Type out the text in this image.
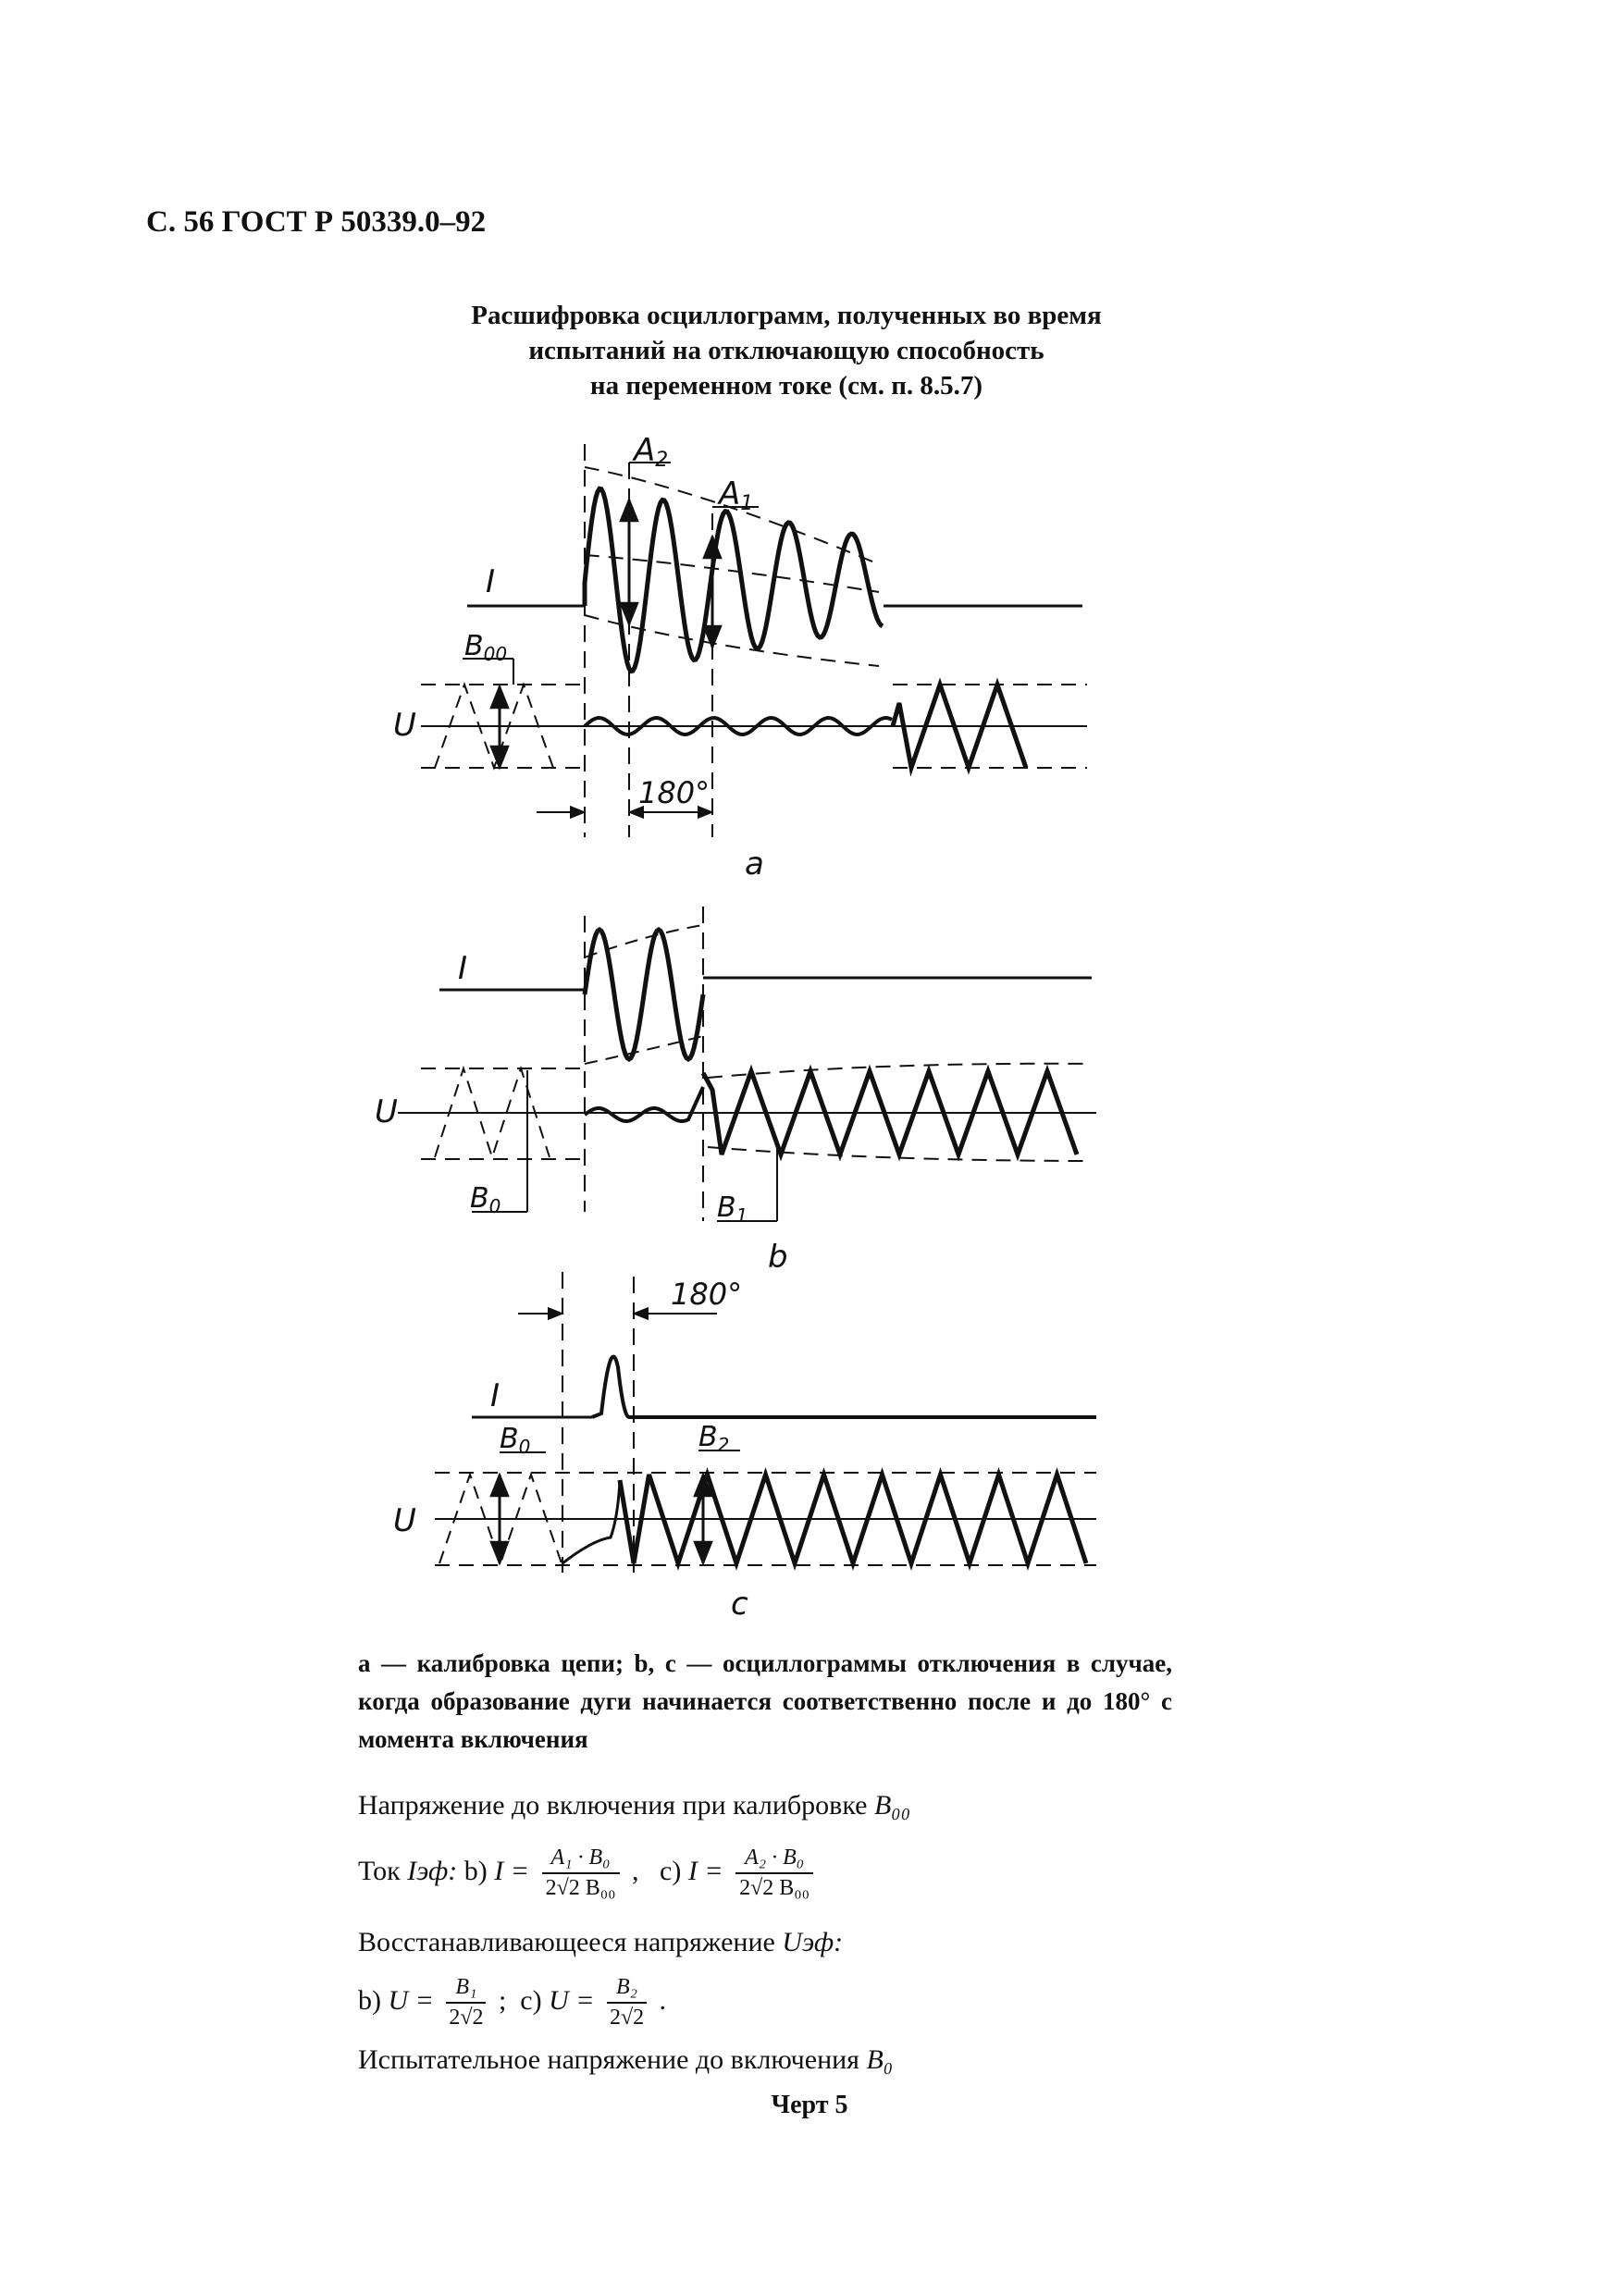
С. 56 ГОСТ Р 50339.0–92
Расшифровка осциллограмм, полученных во время
испытаний на отключающую способность
на переменном токе (см. п. 8.5.7)
I
U
A2
A1
$B_{00}$
180°
a
I
U
$B_0$	$B_1$
b
180°
I
U
$B_0$	$B_2$
c
а — калибровка цепи; b, c — осциллограммы отключения в случае, когда образование дуги начинается соответственно после и до 180° с момента включения
Напряжение до включения при калибровке B₀₀
Ток Iэф: b) $I = \frac{\text{A₁ · B₀}}{\text{2√2 B₀₀}}$ ,   c) $I = \frac{\text{A₂ · B₀}}{\text{2√2 B₀₀}}$
Восстанавливающееся напряжение Uэф:
b) $U = \frac{\text{B₁}}{2√2}$ ;  c) $U = \frac{\text{B₂}}{2√2}$ .
Испытательное напряжение до включения B₀
Черт 5
